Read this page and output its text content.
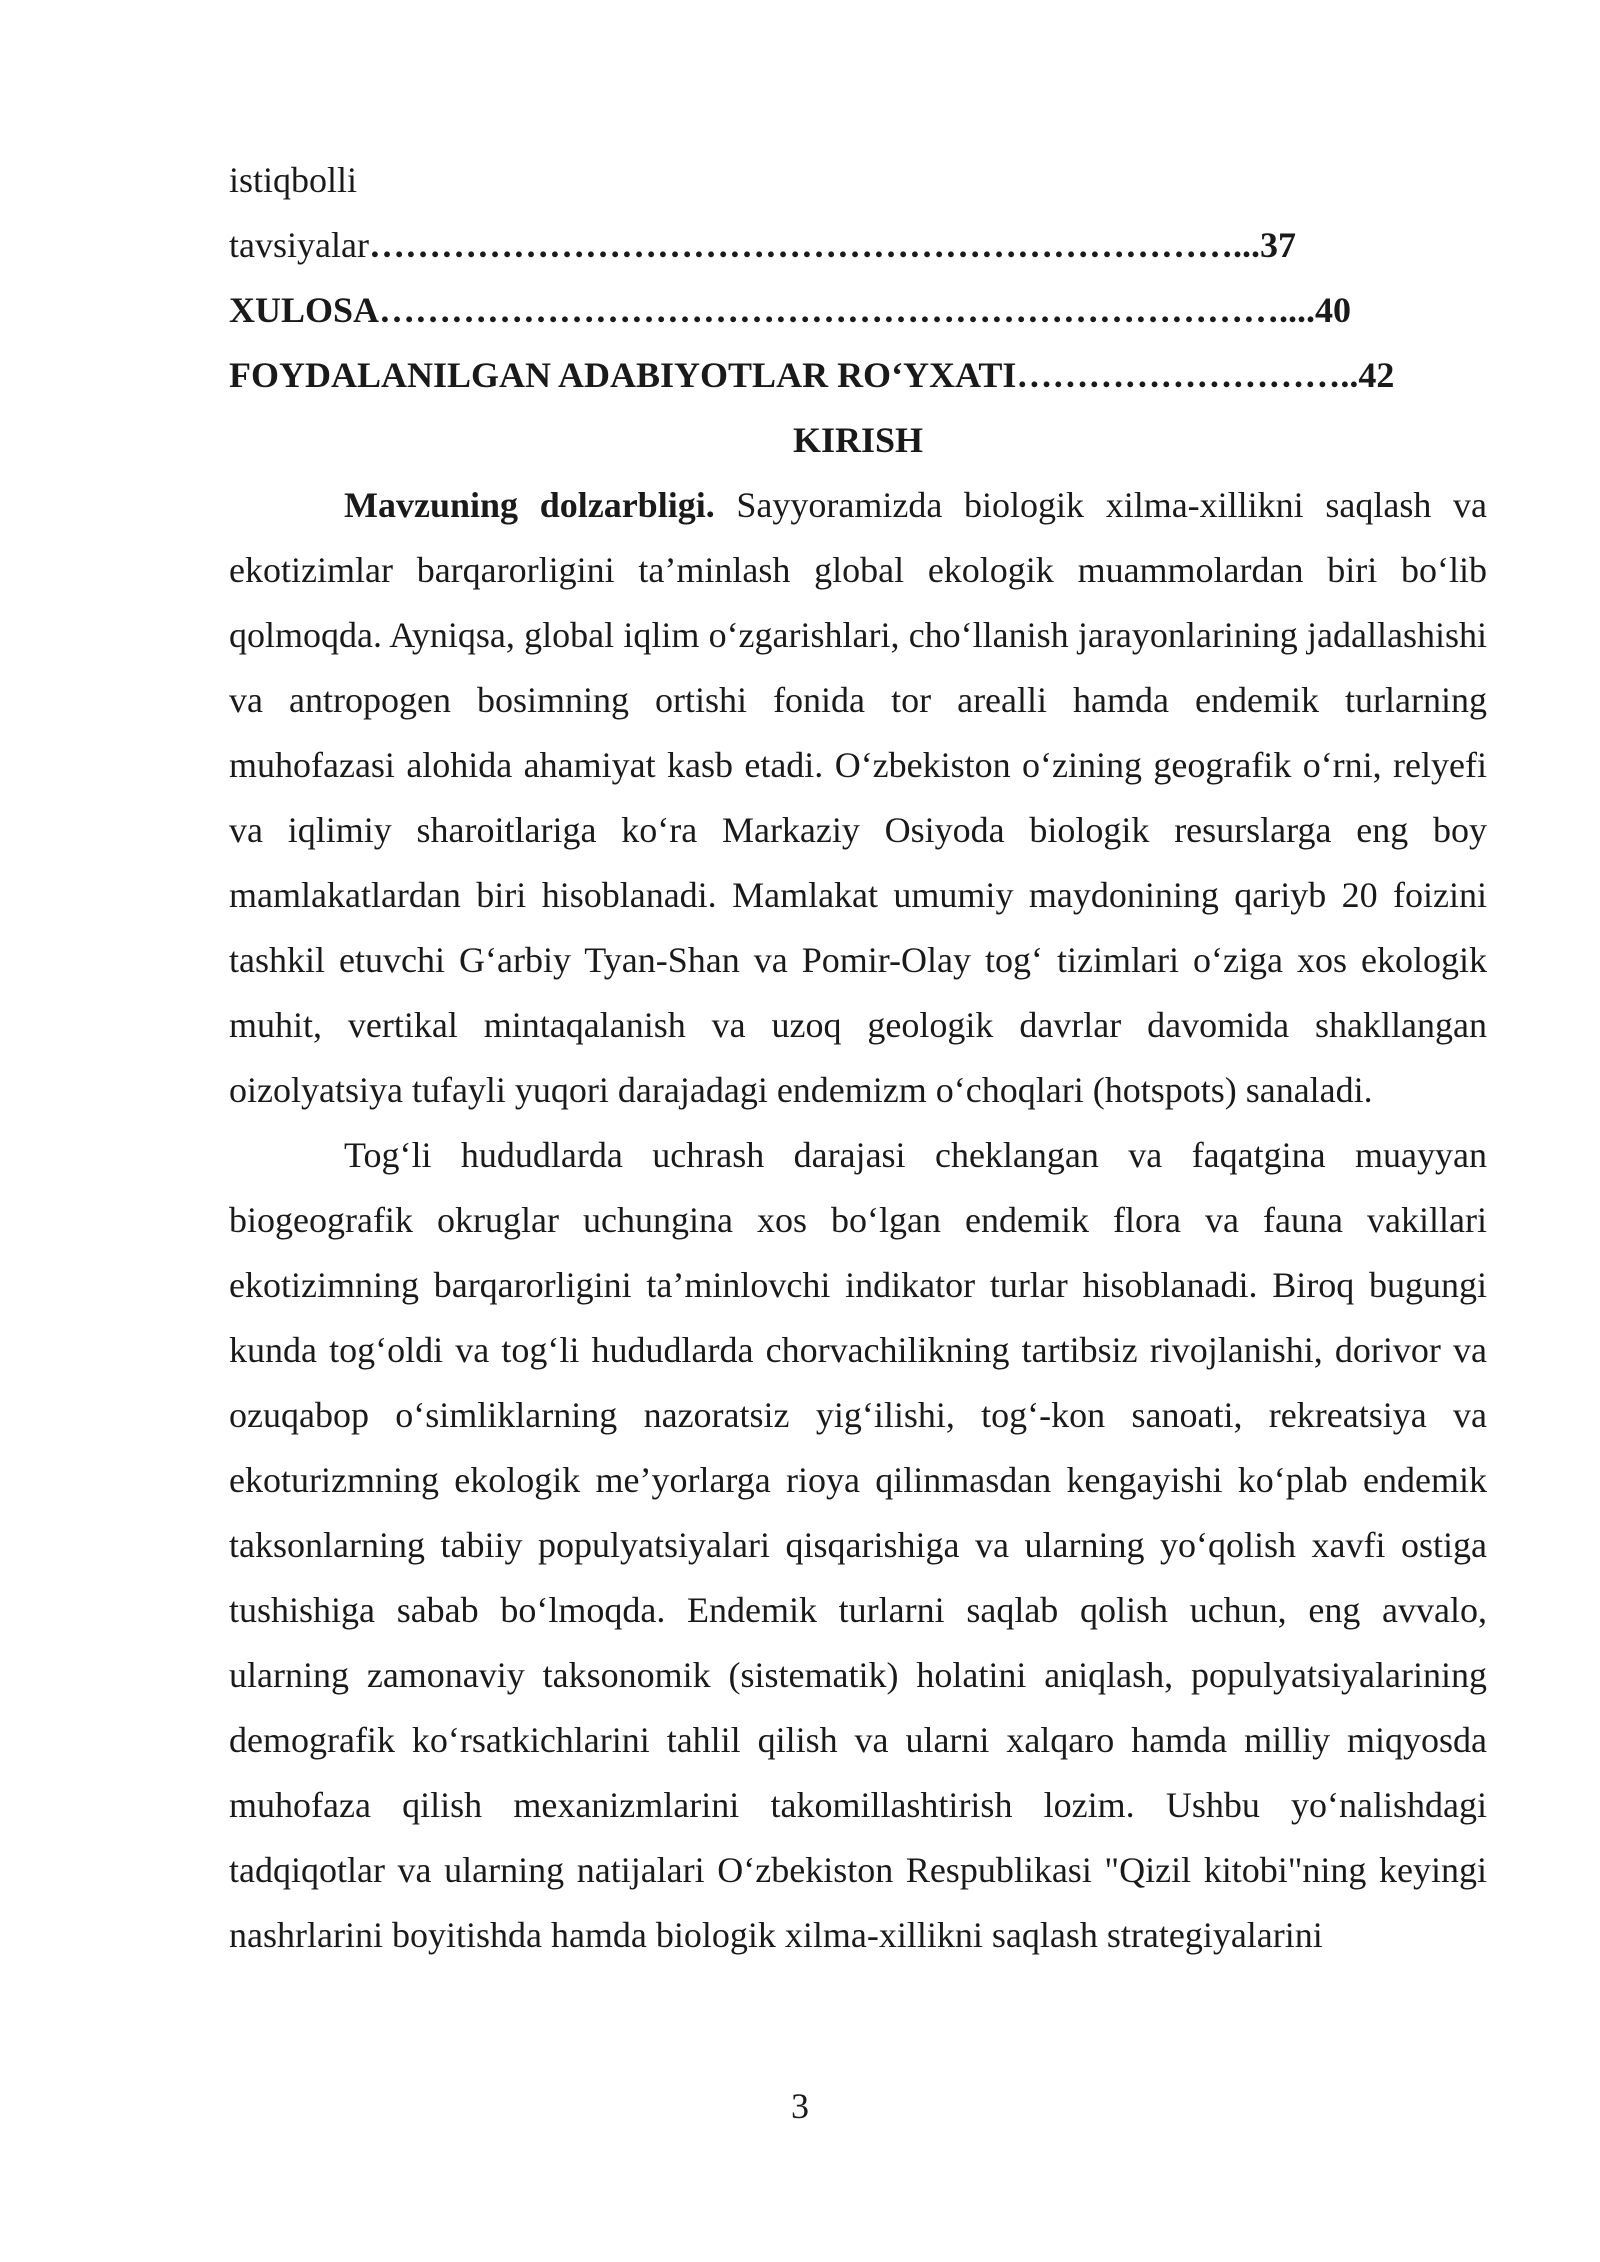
istiqbolli
tavsiyalar………………………………………………………………...37
XULOSA…………………………………………………………………....40
FOYDALANILGAN ADABIYOTLAR RO‘YXATI………………………..42
KIRISH

Mavzuning dolzarbligi. Sayyoramizda biologik xilma-xillikni saqlash va ekotizimlar barqarorligini ta’minlash global ekologik muammolardan biri bo‘lib qolmoqda. Ayniqsa, global iqlim o‘zgarishlari, cho‘llanish jarayonlarining jadallashishi va antropogen bosimning ortishi fonida tor arealli hamda endemik turlarning muhofazasi alohida ahamiyat kasb etadi. O‘zbekiston o‘zining geografik o‘rni, relyefi va iqlimiy sharoitlariga ko‘ra Markaziy Osiyoda biologik resurslarga eng boy mamlakatlardan biri hisoblanadi. Mamlakat umumiy maydonining qariyb 20 foizini tashkil etuvchi G‘arbiy Tyan-Shan va Pomir-Olay tog‘ tizimlari o‘ziga xos ekologik muhit, vertikal mintaqalanish va uzoq geologik davrlar davomida shakllangan oizolyatsiya tufayli yuqori darajadagi endemizm o‘choqlari (hotspots) sanaladi.

Tog‘li hududlarda uchrash darajasi cheklangan va faqatgina muayyan biogeografik okruglar uchungina xos bo‘lgan endemik flora va fauna vakillari ekotizimning barqarorligini ta’minlovchi indikator turlar hisoblanadi. Biroq bugungi kunda tog‘oldi va tog‘li hududlarda chorvachilikning tartibsiz rivojlanishi, dorivor va ozuqabop o‘simliklarning nazoratsiz yig‘ilishi, tog‘-kon sanoati, rekreatsiya va ekoturizmning ekologik me’yorlarga rioya qilinmasdan kengayishi ko‘plab endemik taksonlarning tabiiy populyatsiyalari qisqarishiga va ularning yo‘qolish xavfi ostiga tushishiga sabab bo‘lmoqda. Endemik turlarni saqlab qolish uchun, eng avvalo, ularning zamonaviy taksonomik (sistematik) holatini aniqlash, populyatsiyalarining demografik ko‘rsatkichlarini tahlil qilish va ularni xalqaro hamda milliy miqyosda muhofaza qilish mexanizmlarini takomillashtirish lozim. Ushbu yo‘nalishdagi tadqiqotlar va ularning natijalari O‘zbekiston Respublikasi "Qizil kitobi"ning keyingi nashrlarini boyitishda hamda biologik xilma-xillikni saqlash strategiyalarini

3
